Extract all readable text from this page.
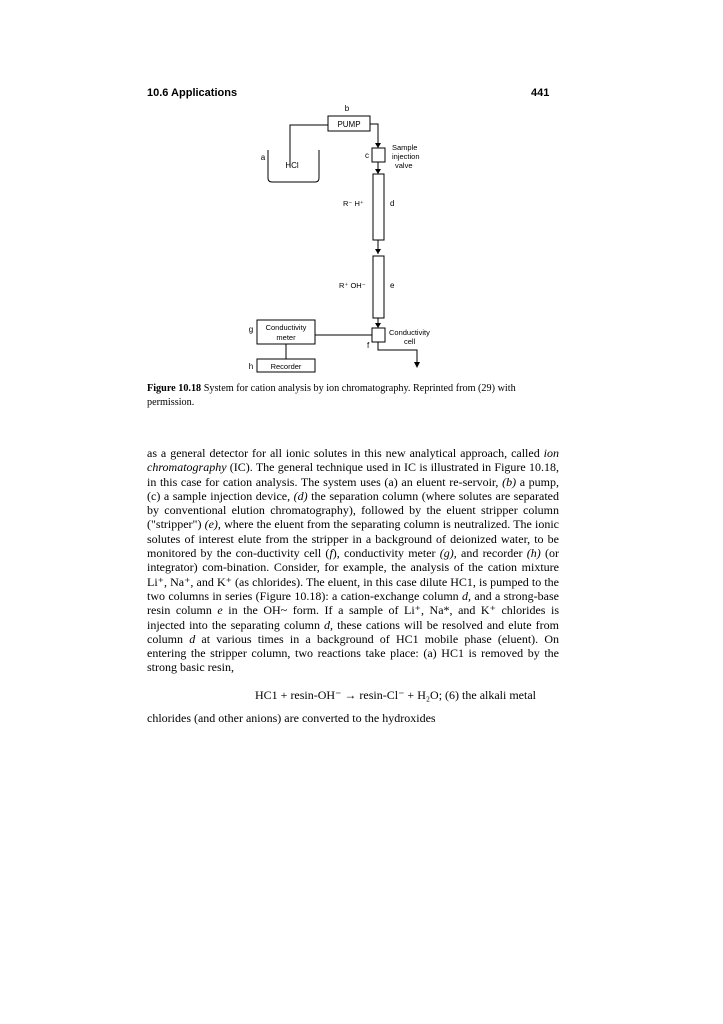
10.6 Applications	441
PUMP
b
HCl
a	c
Sample
injection
valve
R⁻ H⁺	d
R⁺ OH⁻	e
Conductivity
cell
f
Conductivity
meter
g
Recorder
h
Figure 10.18 System for cation analysis by ion chromatography. Reprinted from (29) with permission.

as a general detector for all ionic solutes in this new analytical approach, called ion chromatography (IC). The general technique used in IC is illustrated in Figure 10.18, in this case for cation analysis. The system uses (a) an eluent re-servoir, (b) a pump, (c) a sample injection device, (d) the separation column (where solutes are separated by conventional elution chromatography), followed by the eluent stripper column ("stripper") (e), where the eluent from the separating column is neutralized. The ionic solutes of interest elute from the stripper in a background of deionized water, to be monitored by the con-ductivity cell (f), conductivity meter (g), and recorder (h) (or integrator) com-bination. Consider, for example, the analysis of the cation mixture Li⁺, Na⁺, and K⁺ (as chlorides). The eluent, in this case dilute HC1, is pumped to the two columns in series (Figure 10.18): a cation-exchange column d, and a strong-base resin column e in the OH~ form. If a sample of Li⁺, Na*, and K⁺ chlorides is injected into the separating column d, these cations will be resolved and elute from column d at various times in a background of HC1 mobile phase (eluent). On entering the stripper column, two reactions take place: (a) HC1 is removed by the strong basic resin,

HC1 + resin-OH⁻ → resin-Cl⁻ + H₂O; (6) the alkali metal
chlorides (and other anions) are converted to the hydroxides
